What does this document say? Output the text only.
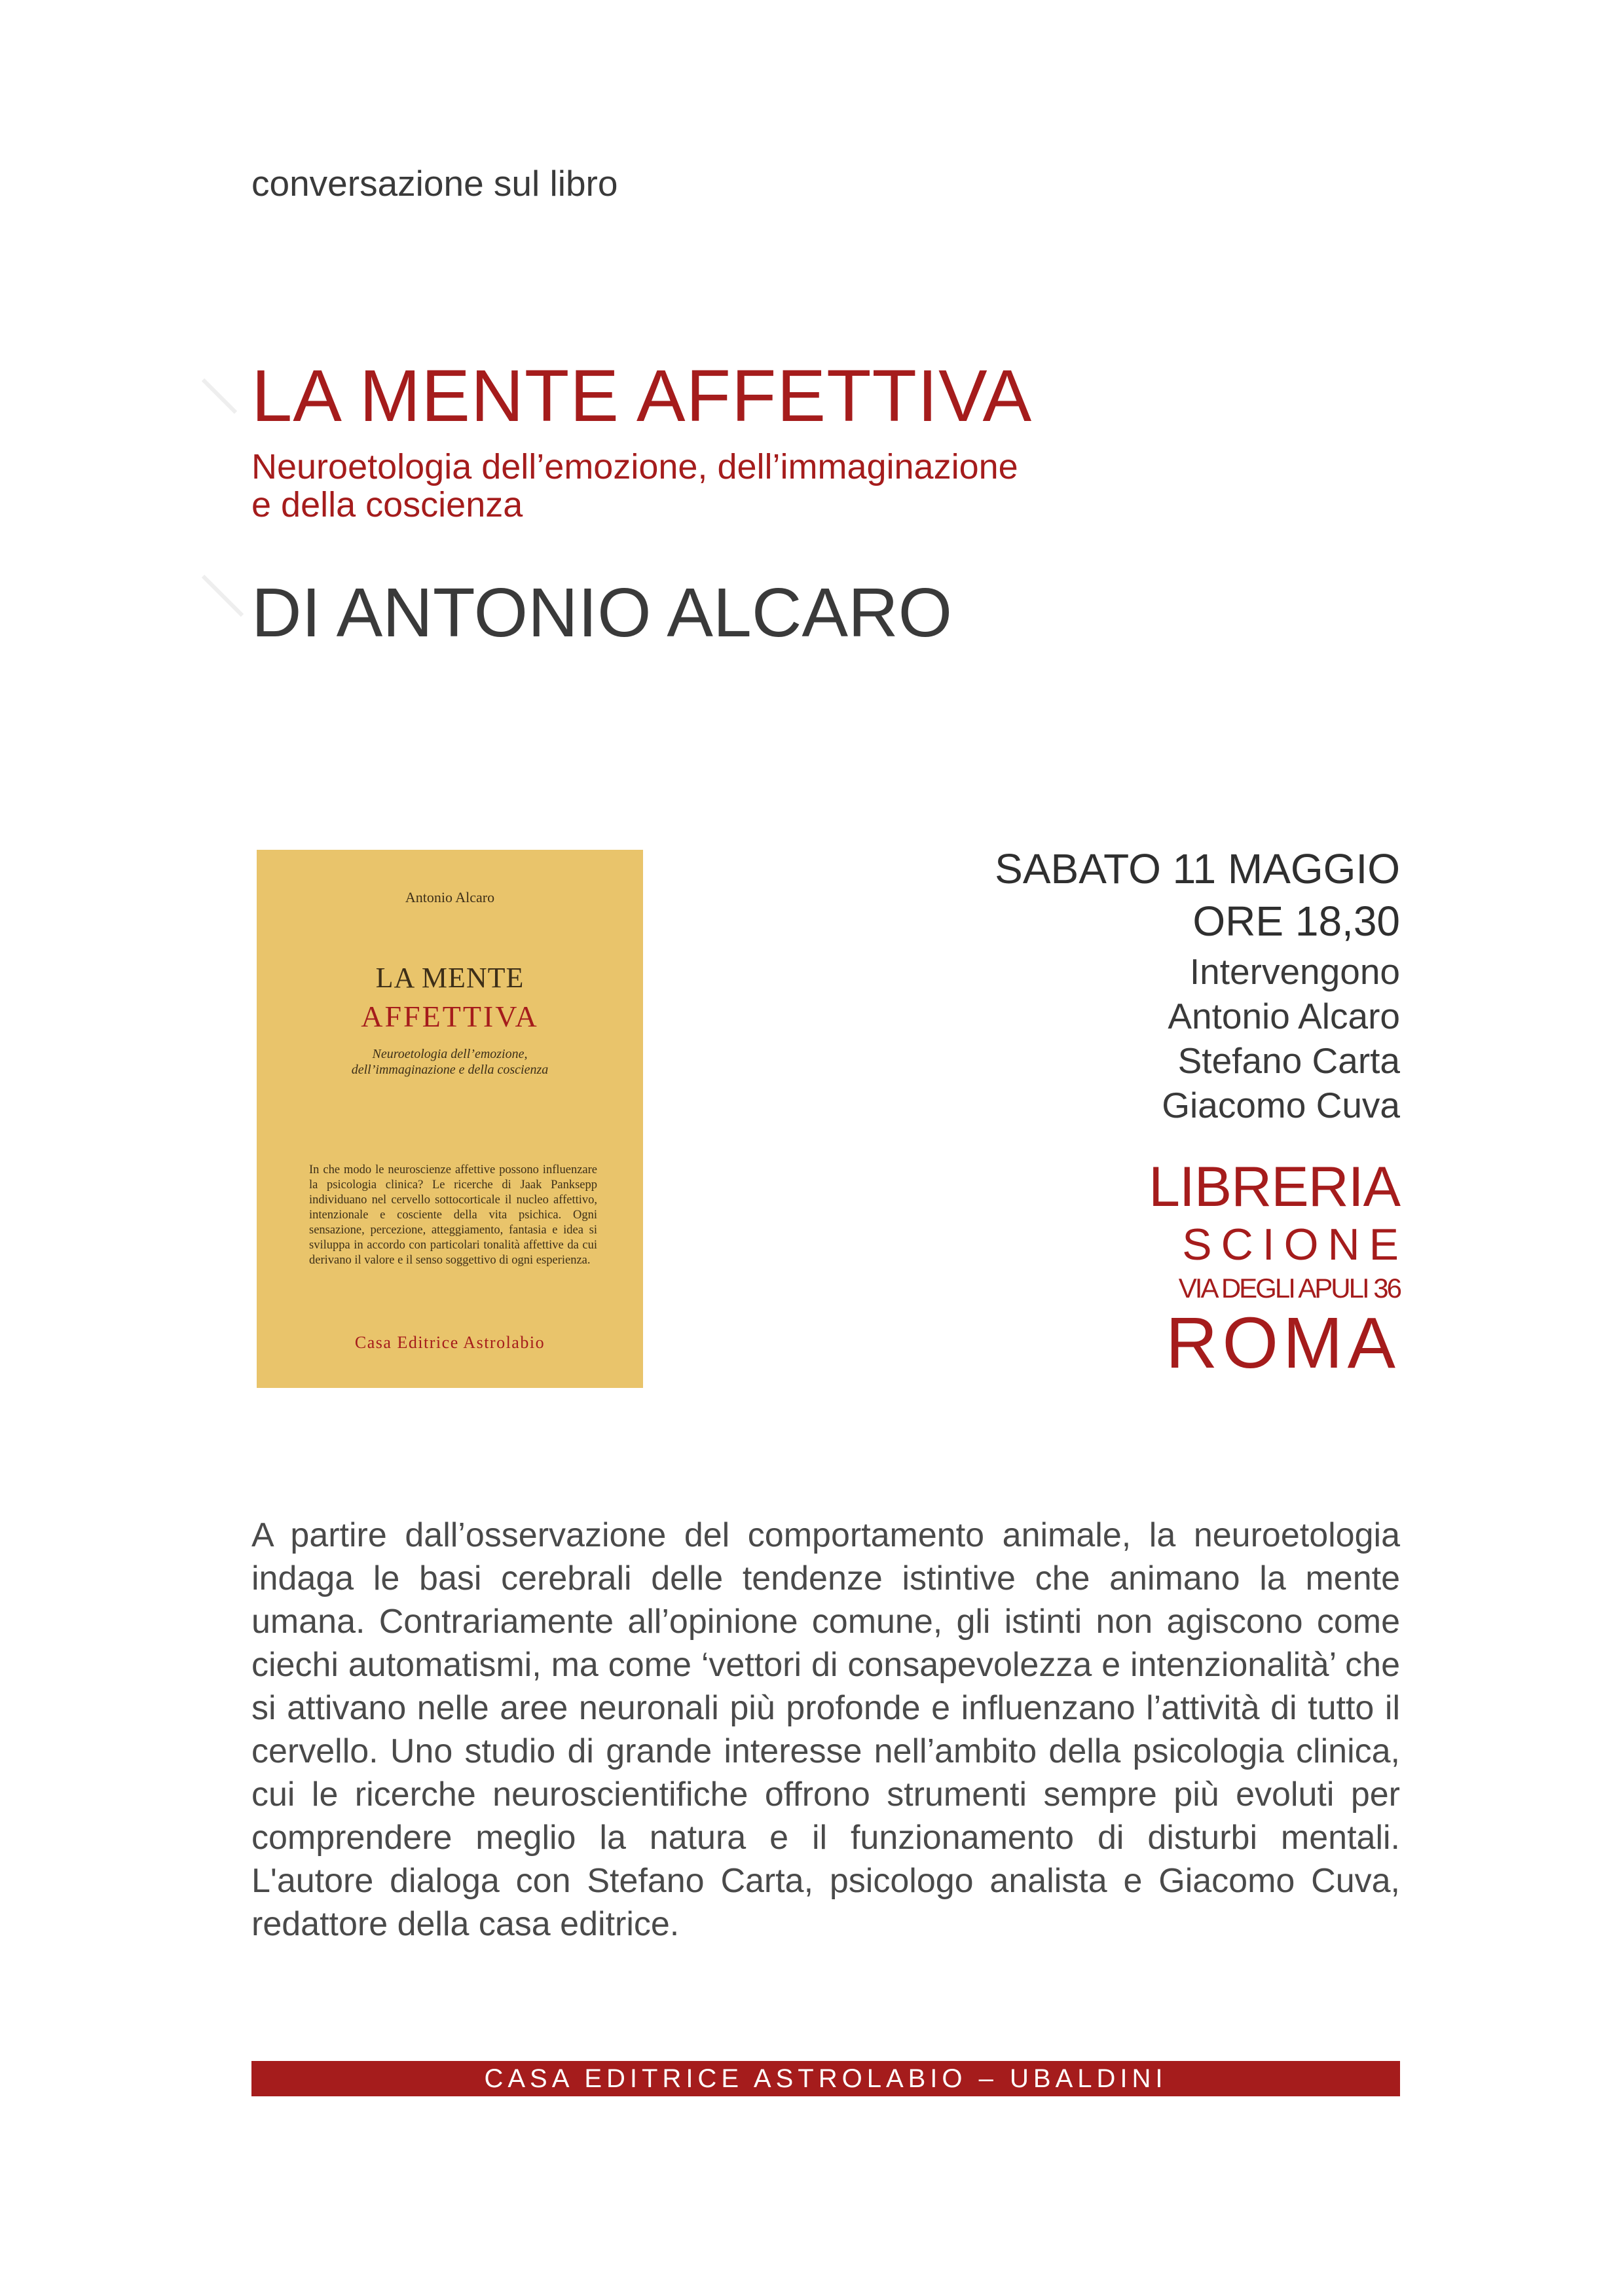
conversazione sul libro
LA MENTE AFFETTIVA
Neuroetologia dell’emozione, dell’immaginazione
e della coscienza
DI ANTONIO ALCARO
Antonio Alcaro
LA MENTE
AFFETTIVA
Neuroetologia dell’emozione,
dell’immaginazione e della coscienza
In che modo le neuroscienze affettive possono influenzare la psicologia clinica? Le ricerche di Jaak Panksepp individuano nel cervello sottocorticale il nucleo affettivo, intenzionale e cosciente della vita psichica. Ogni sensazione, percezione, atteggiamento, fantasia e idea si sviluppa in accordo con particolari tonalità affettive da cui derivano il valore e il senso soggettivo di ogni esperienza.
Casa Editrice Astrolabio
SABATO 11 MAGGIO
ORE 18,30
Intervengono
Antonio Alcaro
Stefano Carta
Giacomo Cuva
LIBRERIA
SCIONE
VIA DEGLI APULI 36
ROMA
A partire dall’osservazione del comportamento animale, la neuroetologia indaga le basi cerebrali delle tendenze istintive che animano la mente umana. Contrariamente all’opinione comune, gli istinti non agiscono come ciechi automatismi, ma come ‘vettori di consapevolezza e intenzionalità’ che si attivano nelle aree neuronali più profonde e influenzano l’attività di tutto il cervello. Uno studio di grande interesse nell’ambito della psicologia clinica, cui le ricerche neuroscientifiche offrono strumenti sempre più evoluti per comprendere meglio la natura e il funzionamento di disturbi mentali. L'autore dialoga con Stefano Carta, psicologo analista e Giacomo Cuva, redattore della casa editrice.
CASA EDITRICE ASTROLABIO – UBALDINI
